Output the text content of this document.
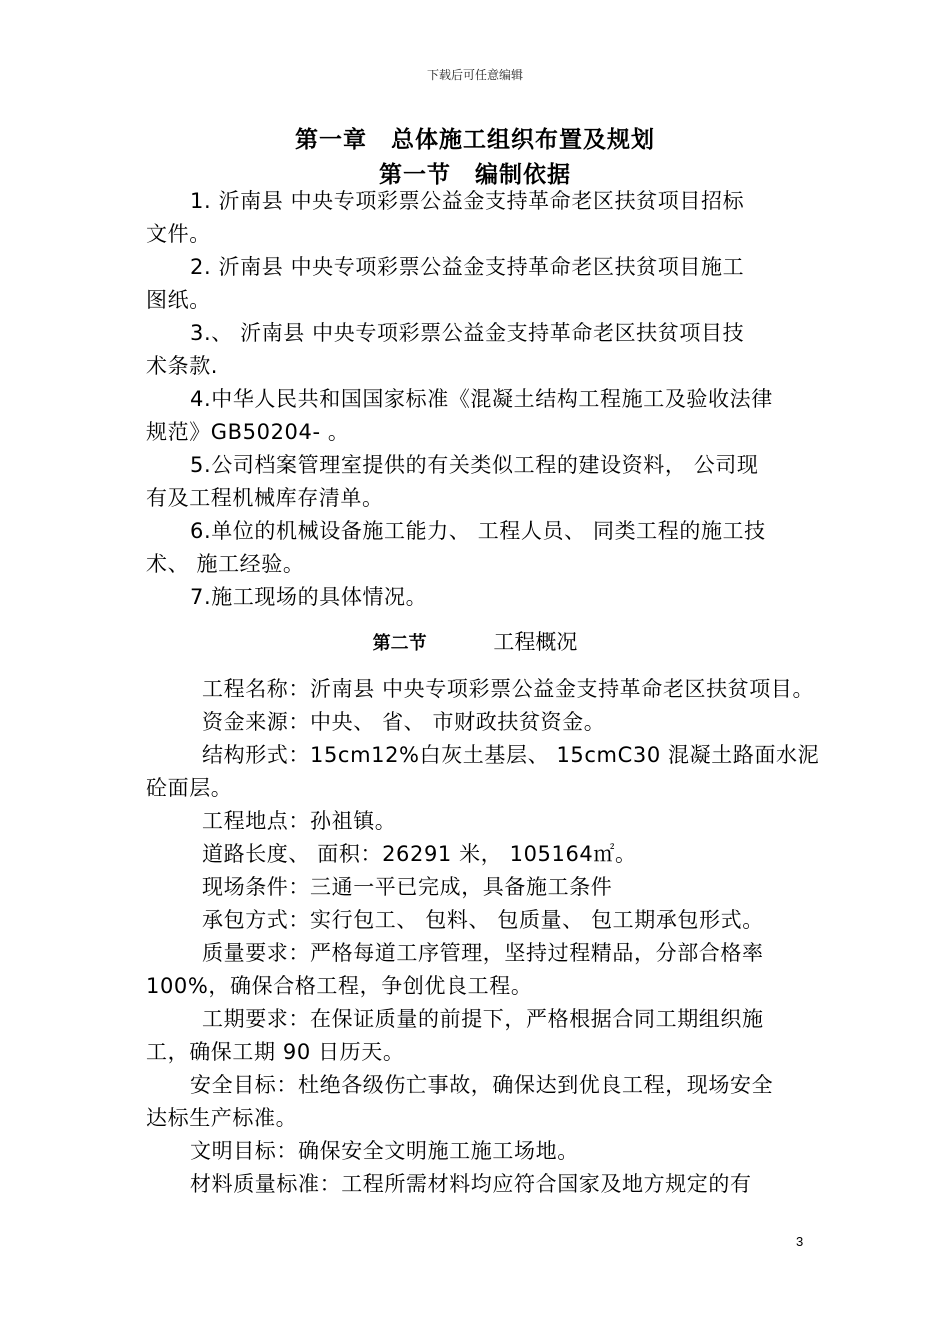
下载后可任意编辑
第一章　总体施工组织布置及规划
第一节　编制依据
1. 沂南县 中央专项彩票公益金支持革命老区扶贫项目招标
文件。
2. 沂南县 中央专项彩票公益金支持革命老区扶贫项目施工
图纸。
3.、 沂南县 中央专项彩票公益金支持革命老区扶贫项目技
术条款.
4.中华人民共和国国家标准《混凝土结构工程施工及验收法律
规范》GB50204- 。
5.公司档案管理室提供的有关类似工程的建设资料， 公司现
有及工程机械库存清单。
6.单位的机械设备施工能力、 工程人员、 同类工程的施工技
术、 施工经验。
7.施工现场的具体情况。
第二节	工程概况
工程名称：沂南县 中央专项彩票公益金支持革命老区扶贫项目。
资金来源：中央、 省、 市财政扶贫资金。
结构形式：15cm12%白灰土基层、 15cmC30 混凝土路面水泥
砼面层。
工程地点：孙祖镇。
道路长度、 面积：26291 米， 105164㎡。
现场条件：三通一平已完成，具备施工条件
承包方式：实行包工、 包料、 包质量、 包工期承包形式。
质量要求：严格每道工序管理，坚持过程精品，分部合格率
100%，确保合格工程，争创优良工程。
工期要求：在保证质量的前提下，严格根据合同工期组织施
工，确保工期 90 日历天。
安全目标：杜绝各级伤亡事故，确保达到优良工程，现场安全
达标生产标准。
文明目标：确保安全文明施工施工场地。
材料质量标准：工程所需材料均应符合国家及地方规定的有
3
